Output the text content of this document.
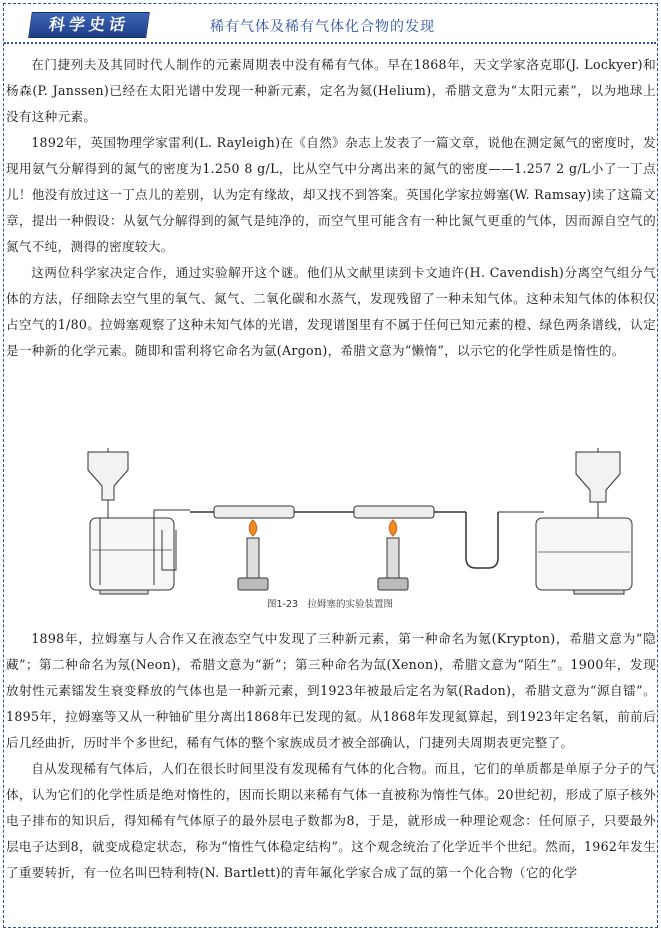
科学史话	稀有气体及稀有气体化合物的发现

在门捷列夫及其同时代人制作的元素周期表中没有稀有气体。早在1868年，天文学家洛克耶(J. Lockyer)和杨森(P. Janssen)已经在太阳光谱中发现一种新元素，定名为氦(Helium)，希腊文意为“太阳元素”，以为地球上没有这种元素。

1892年，英国物理学家雷利(L. Rayleigh)在《自然》杂志上发表了一篇文章，说他在测定氮气的密度时，发现用氨气分解得到的氮气的密度为1.250 8 g/L，比从空气中分离出来的氮气的密度——1.257 2 g/L小了一丁点儿！他没有放过这一丁点儿的差别，认为定有缘故，却又找不到答案。英国化学家拉姆塞(W. Ramsay)读了这篇文章，提出一种假设：从氨气分解得到的氮气是纯净的，而空气里可能含有一种比氮气更重的气体，因而源自空气的氮气不纯，测得的密度较大。

这两位科学家决定合作，通过实验解开这个谜。他们从文献里读到卡文迪许(H. Cavendish)分离空气组分气体的方法，仔细除去空气里的氧气、氮气、二氧化碳和水蒸气，发现残留了一种未知气体。这种未知气体的体积仅占空气的1/80。拉姆塞观察了这种未知气体的光谱，发现谱图里有不属于任何已知元素的橙、绿色两条谱线，认定是一种新的化学元素。随即和雷利将它命名为氩(Argon)，希腊文意为“懒惰”，以示它的化学性质是惰性的。

图1-23　拉姆塞的实验装置图

1898年，拉姆塞与人合作又在液态空气中发现了三种新元素，第一种命名为氪(Krypton)，希腊文意为“隐藏”；第二种命名为氖(Neon)，希腊文意为“新”；第三种命名为氙(Xenon)，希腊文意为“陌生”。1900年，发现放射性元素镭发生衰变释放的气体也是一种新元素，到1923年被最后定名为氡(Radon)，希腊文意为“源自镭”。1895年，拉姆塞等又从一种铀矿里分离出1868年已发现的氦。从1868年发现氦算起，到1923年定名氡，前前后后几经曲折，历时半个多世纪，稀有气体的整个家族成员才被全部确认，门捷列夫周期表更完整了。

自从发现稀有气体后，人们在很长时间里没有发现稀有气体的化合物。而且，它们的单质都是单原子分子的气体，认为它们的化学性质是绝对惰性的，因而长期以来稀有气体一直被称为惰性气体。20世纪初，形成了原子核外电子排布的知识后，得知稀有气体原子的最外层电子数都为8，于是，就形成一种理论观念：任何原子，只要最外层电子达到8，就变成稳定状态，称为“惰性气体稳定结构”。这个观念统治了化学近半个世纪。然而，1962年发生了重要转折，有一位名叫巴特利特(N. Bartlett)的青年氟化学家合成了氙的第一个化合物（它的化学
